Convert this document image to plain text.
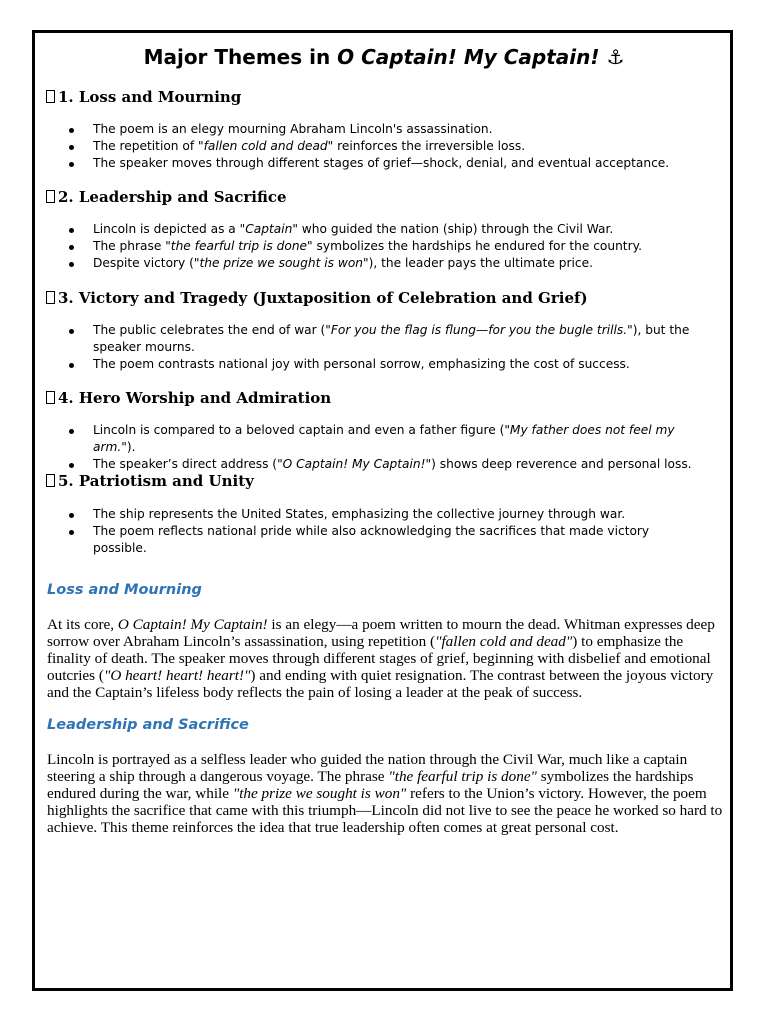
Major Themes in O Captain! My Captain! ⚓
1. Loss and Mourning
The poem is an elegy mourning Abraham Lincoln's assassination.
The repetition of "fallen cold and dead" reinforces the irreversible loss.
The speaker moves through different stages of grief—shock, denial, and eventual acceptance.
2. Leadership and Sacrifice
Lincoln is depicted as a "Captain" who guided the nation (ship) through the Civil War.
The phrase "the fearful trip is done" symbolizes the hardships he endured for the country.
Despite victory ("the prize we sought is won"), the leader pays the ultimate price.
3. Victory and Tragedy (Juxtaposition of Celebration and Grief)
The public celebrates the end of war ("For you the flag is flung—for you the bugle trills."), but the speaker mourns.
The poem contrasts national joy with personal sorrow, emphasizing the cost of success.
4. Hero Worship and Admiration
Lincoln is compared to a beloved captain and even a father figure ("My father does not feel my arm.").
The speaker’s direct address ("O Captain! My Captain!") shows deep reverence and personal loss.
5. Patriotism and Unity
The ship represents the United States, emphasizing the collective journey through war.
The poem reflects national pride while also acknowledging the sacrifices that made victory possible.
Loss and Mourning

At its core, O Captain! My Captain! is an elegy—a poem written to mourn the dead. Whitman expresses deep sorrow over Abraham Lincoln’s assassination, using repetition ("fallen cold and dead") to emphasize the finality of death. The speaker moves through different stages of grief, beginning with disbelief and emotional outcries ("O heart! heart! heart!") and ending with quiet resignation. The contrast between the joyous victory and the Captain’s lifeless body reflects the pain of losing a leader at the peak of success.

Leadership and Sacrifice

Lincoln is portrayed as a selfless leader who guided the nation through the Civil War, much like a captain steering a ship through a dangerous voyage. The phrase "the fearful trip is done" symbolizes the hardships endured during the war, while "the prize we sought is won" refers to the Union’s victory. However, the poem highlights the sacrifice that came with this triumph—Lincoln did not live to see the peace he worked so hard to achieve. This theme reinforces the idea that true leadership often comes at great personal cost.
